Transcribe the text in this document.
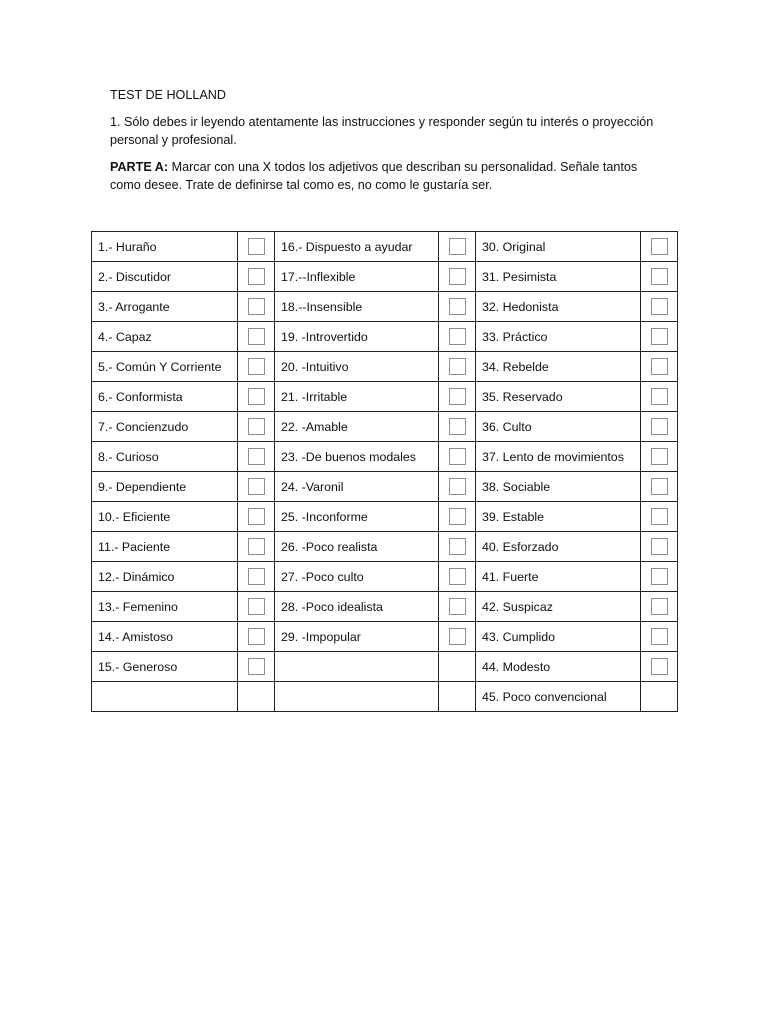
TEST DE HOLLAND

1. Sólo debes ir leyendo atentamente las instrucciones y responder según tu interés o proyección personal y profesional.

PARTE A: Marcar con una X todos los adjetivos que describan su personalidad. Señale tantos como desee. Trate de definirse tal como es, no como le gustaría ser.

1.- Huraño		16.- Dispuesto a ayudar		30. Original	
2.- Discutidor		17.--Inflexible		31. Pesimista	
3.- Arrogante		18.--Insensible		32. Hedonista	
4.- Capaz		19. -Introvertido		33. Práctico	
5.- Común Y Corriente		20. -Intuitivo		34. Rebelde	
6.- Conformista		21. -Irritable		35. Reservado	
7.- Concienzudo		22. -Amable		36. Culto	
8.- Curioso		23. -De buenos modales		37. Lento de movimientos	
9.- Dependiente		24. -Varonil		38. Sociable	
10.- Eficiente		25. -Inconforme		39. Estable	
11.- Paciente		26. -Poco realista		40. Esforzado	
12.- Dinámico		27. -Poco culto		41. Fuerte	
13.- Femenino		28. -Poco idealista		42. Suspicaz	
14.- Amistoso		29. -Impopular		43. Cumplido	
15.- Generoso				44. Modesto	
				45. Poco convencional	
